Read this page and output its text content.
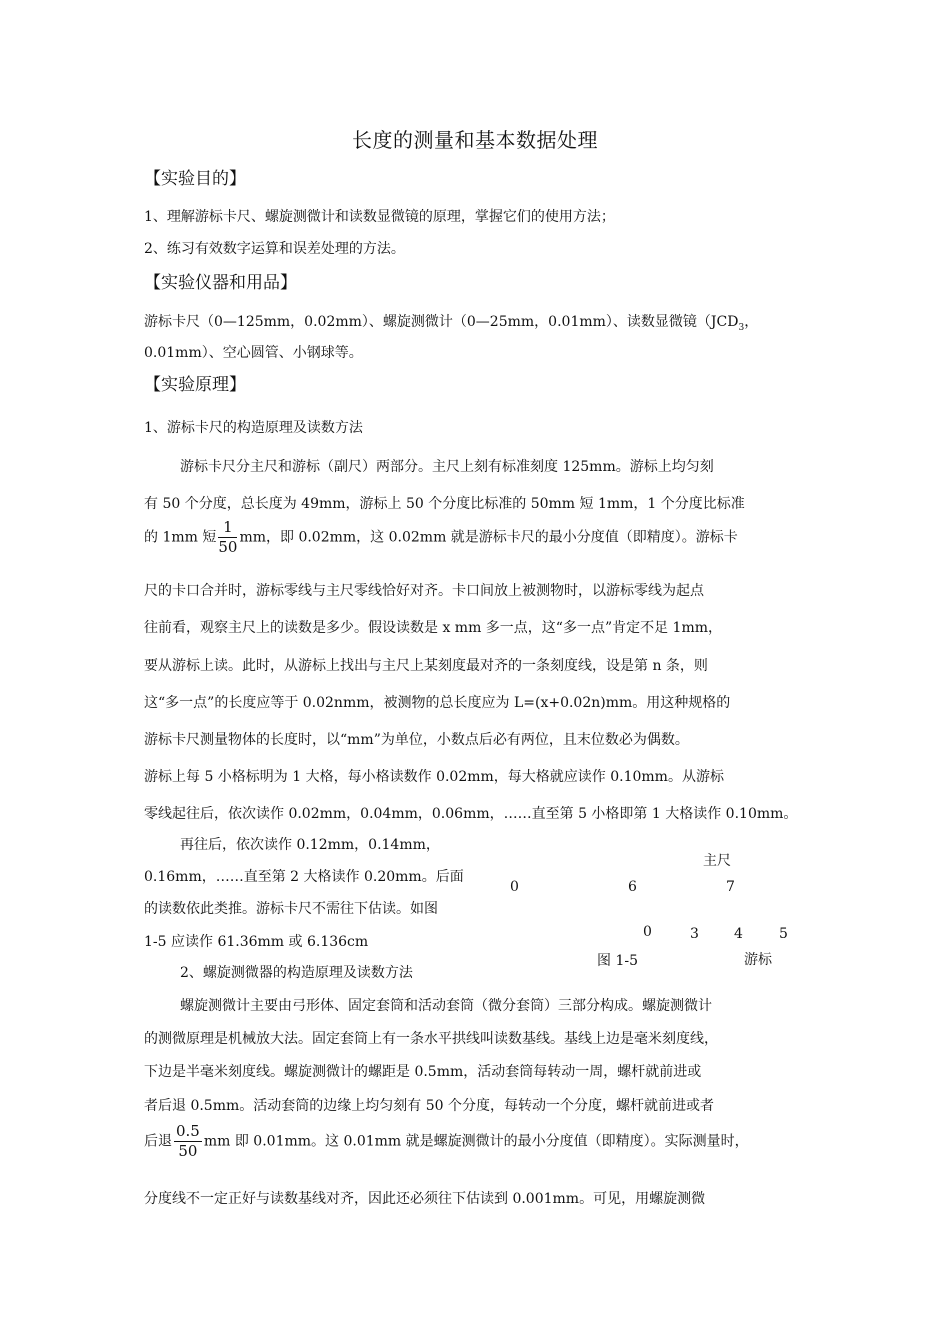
长度的测量和基本数据处理
【实验目的】
1、理解游标卡尺、螺旋测微计和读数显微镜的原理，掌握它们的使用方法；
2、练习有效数字运算和误差处理的方法。
【实验仪器和用品】
游标卡尺（0—125mm，0.02mm）、螺旋测微计（0—25mm，0.01mm）、读数显微镜（$JCD_3$，
0.01mm）、空心圆管、小钢球等。
【实验原理】
1、游标卡尺的构造原理及读数方法
游标卡尺分主尺和游标（副尺）两部分。主尺上刻有标准刻度 125mm。游标上均匀刻
有 50 个分度，总长度为 49mm，游标上 50 个分度比标准的 50mm 短 1mm，1 个分度比标准
的 1mm 短 $\frac{1}{50}$ mm，即 0.02mm，这 0.02mm 就是游标卡尺的最小分度值（即精度）。游标卡
尺的卡口合并时，游标零线与主尺零线恰好对齐。卡口间放上被测物时，以游标零线为起点
往前看，观察主尺上的读数是多少。假设读数是 x mm 多一点，这“多一点”肯定不足 1mm，
要从游标上读。此时，从游标上找出与主尺上某刻度最对齐的一条刻度线，设是第 n 条，则
这“多一点”的长度应等于 0.02nmm，被测物的总长度应为 L=(x+0.02n)mm。用这种规格的
游标卡尺测量物体的长度时，以“mm”为单位，小数点后必有两位，且末位数必为偶数。
游标上每 5 小格标明为 1 大格，每小格读数作 0.02mm，每大格就应读作 0.10mm。从游标
零线起往后，依次读作 0.02mm，0.04mm，0.06mm，……直至第 5 小格即第 1 大格读作 0.10mm。
再往后，依次读作 0.12mm，0.14mm，
0.16mm，……直至第 2 大格读作 0.20mm。后面
的读数依此类推。游标卡尺不需往下估读。如图
1-5 应读作 61.36mm 或 6.136cm
主尺
0	6	7
0	3	4	5
图 1-5	游标
2、螺旋测微器的构造原理及读数方法
螺旋测微计主要由弓形体、固定套筒和活动套筒（微分套筒）三部分构成。螺旋测微计
的测微原理是机械放大法。固定套筒上有一条水平拱线叫读数基线。基线上边是毫米刻度线，
下边是半毫米刻度线。螺旋测微计的螺距是 0.5mm，活动套筒每转动一周，螺杆就前进或
者后退 0.5mm。活动套筒的边缘上均匀刻有 50 个分度，每转动一个分度，螺杆就前进或者
后退 $\frac{0.5}{50}$ mm 即 0.01mm。这 0.01mm 就是螺旋测微计的最小分度值（即精度）。实际测量时，
分度线不一定正好与读数基线对齐，因此还必须往下估读到 0.001mm。可见，用螺旋测微
